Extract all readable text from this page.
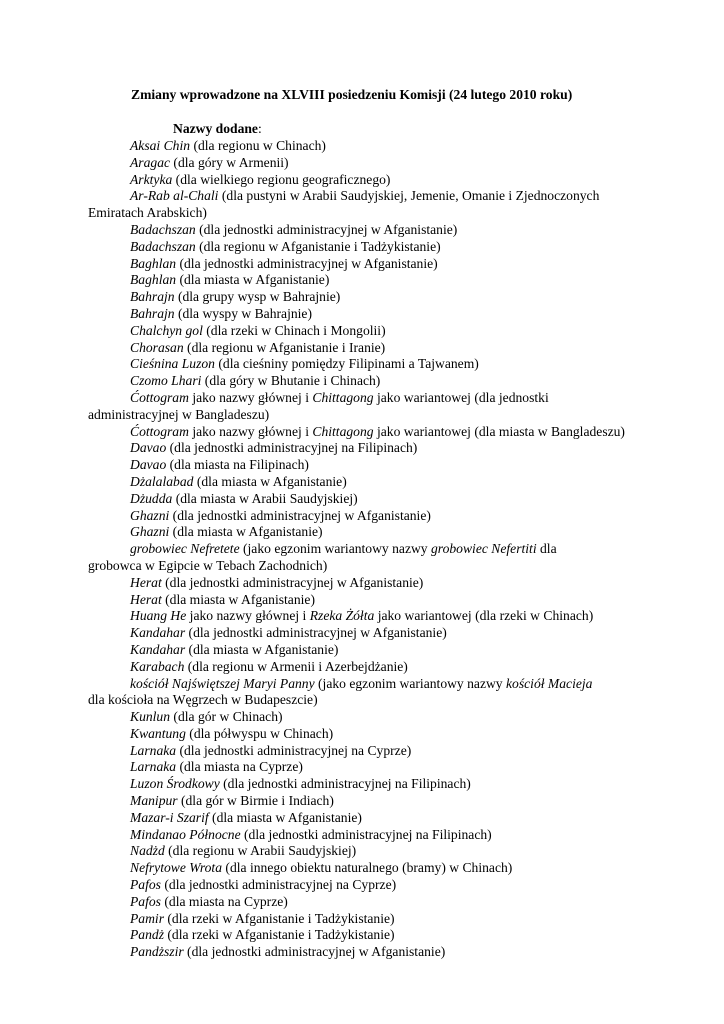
Zmiany wprowadzone na XLVIII posiedzeniu Komisji (24 lutego 2010 roku)
Nazwy dodane:
Aksai Chin (dla regionu w Chinach)
Aragac (dla góry w Armenii)
Arktyka (dla wielkiego regionu geograficznego)
Ar-Rab al-Chali (dla pustyni w Arabii Saudyjskiej, Jemenie, Omanie i Zjednoczonych
Emiratach Arabskich)
Badachszan (dla jednostki administracyjnej w Afganistanie)
Badachszan (dla regionu w Afganistanie i Tadżykistanie)
Baghlan (dla jednostki administracyjnej w Afganistanie)
Baghlan (dla miasta w Afganistanie)
Bahrajn (dla grupy wysp w Bahrajnie)
Bahrajn (dla wyspy w Bahrajnie)
Chalchyn gol (dla rzeki w Chinach i Mongolii)
Chorasan (dla regionu w Afganistanie i Iranie)
Cieśnina Luzon (dla cieśniny pomiędzy Filipinami a Tajwanem)
Czomo Lhari (dla góry w Bhutanie i Chinach)
Ćottogram jako nazwy głównej i Chittagong jako wariantowej (dla jednostki
administracyjnej w Bangladeszu)
Ćottogram jako nazwy głównej i Chittagong jako wariantowej (dla miasta w Bangladeszu)
Davao (dla jednostki administracyjnej na Filipinach)
Davao (dla miasta na Filipinach)
Dżalalabad (dla miasta w Afganistanie)
Dżudda (dla miasta w Arabii Saudyjskiej)
Ghazni (dla jednostki administracyjnej w Afganistanie)
Ghazni (dla miasta w Afganistanie)
grobowiec Nefretete (jako egzonim wariantowy nazwy grobowiec Nefertiti dla
grobowca w Egipcie w Tebach Zachodnich)
Herat (dla jednostki administracyjnej w Afganistanie)
Herat (dla miasta w Afganistanie)
Huang He jako nazwy głównej i Rzeka Żółta jako wariantowej (dla rzeki w Chinach)
Kandahar (dla jednostki administracyjnej w Afganistanie)
Kandahar (dla miasta w Afganistanie)
Karabach (dla regionu w Armenii i Azerbejdżanie)
kościół Najświętszej Maryi Panny (jako egzonim wariantowy nazwy kościół Macieja
dla kościoła na Węgrzech w Budapeszcie)
Kunlun (dla gór w Chinach)
Kwantung (dla półwyspu w Chinach)
Larnaka (dla jednostki administracyjnej na Cyprze)
Larnaka (dla miasta na Cyprze)
Luzon Środkowy (dla jednostki administracyjnej na Filipinach)
Manipur (dla gór w Birmie i Indiach)
Mazar-i Szarif (dla miasta w Afganistanie)
Mindanao Północne (dla jednostki administracyjnej na Filipinach)
Nadżd (dla regionu w Arabii Saudyjskiej)
Nefrytowe Wrota (dla innego obiektu naturalnego (bramy) w Chinach)
Pafos (dla jednostki administracyjnej na Cyprze)
Pafos (dla miasta na Cyprze)
Pamir (dla rzeki w Afganistanie i Tadżykistanie)
Pandż (dla rzeki w Afganistanie i Tadżykistanie)
Pandższir (dla jednostki administracyjnej w Afganistanie)
